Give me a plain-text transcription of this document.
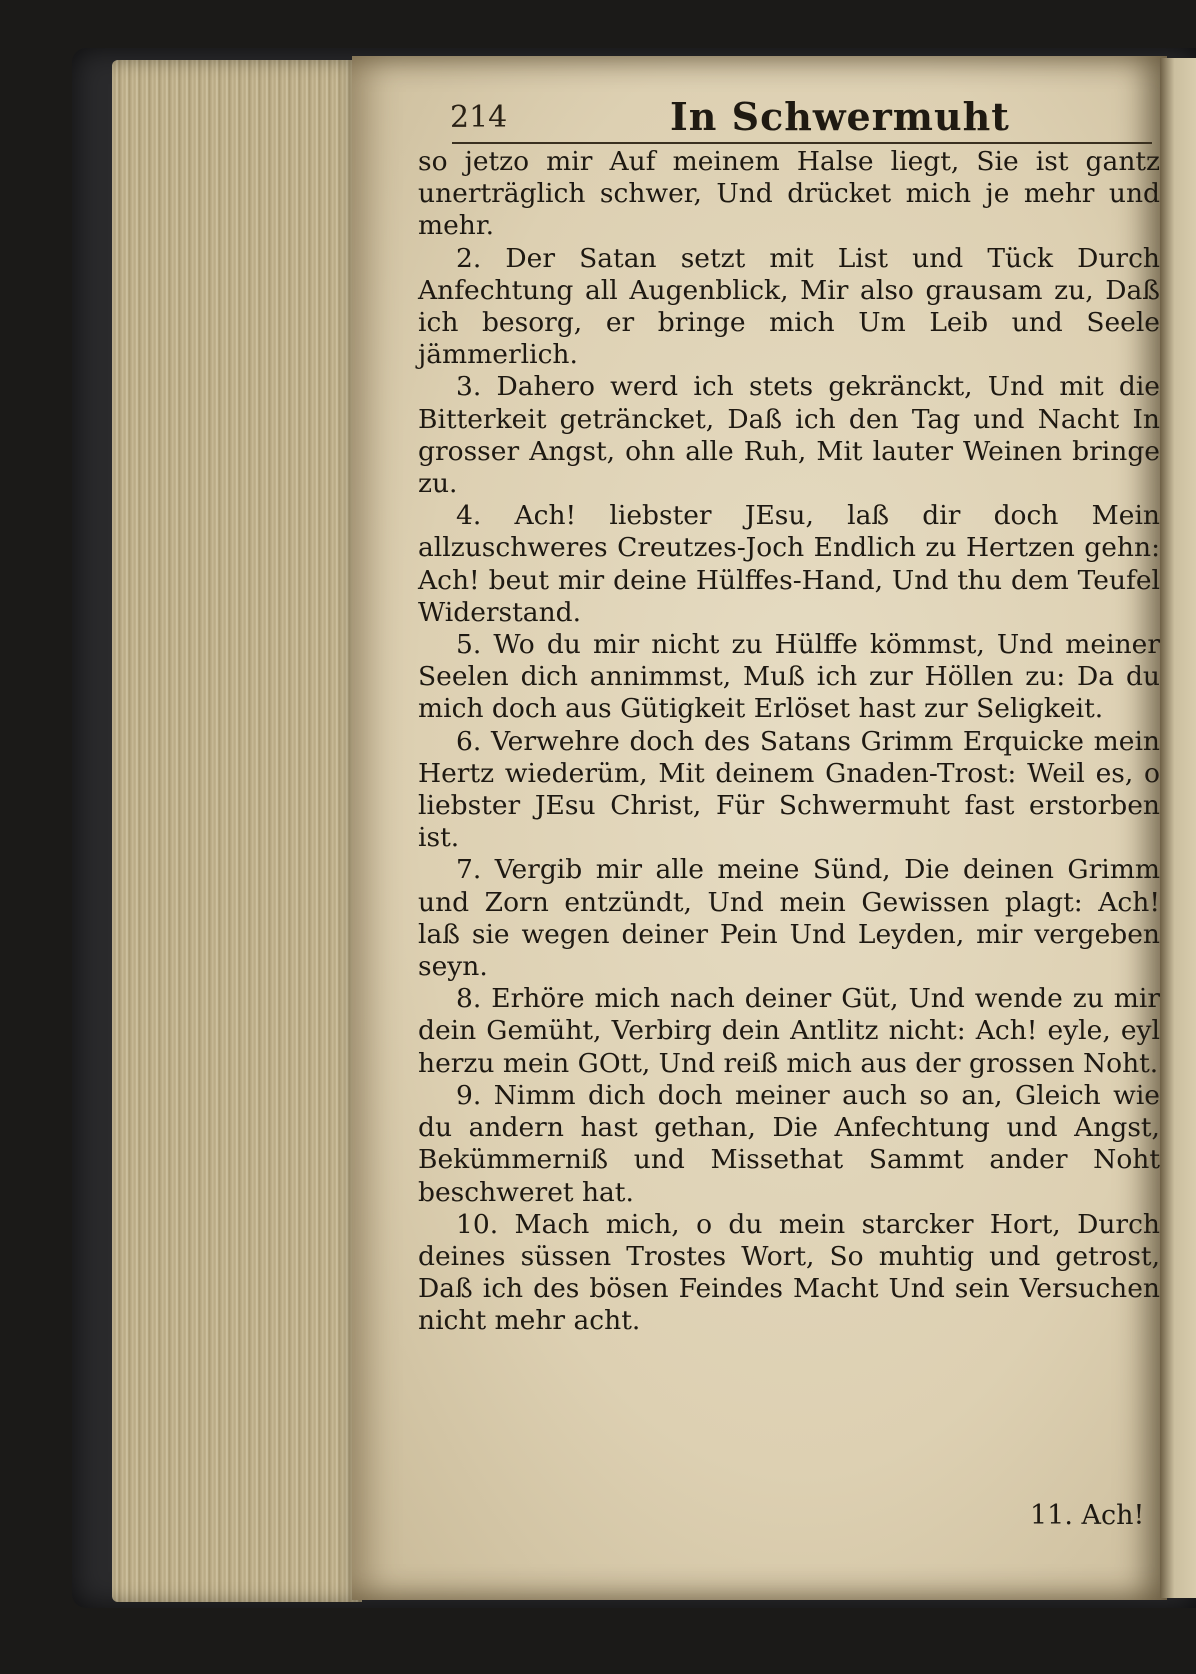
214	In Schwermuht

so jetzo mir Auf meinem Halse liegt, Sie ist gantz unerträglich schwer, Und drücket mich je mehr und mehr.

2. Der Satan setzt mit List und Tück Durch Anfechtung all Augenblick, Mir also grausam zu, Daß ich besorg, er bringe mich Um Leib und Seele jämmerlich.

3. Dahero werd ich stets gekränckt, Und mit die Bitterkeit geträncket, Daß ich den Tag und Nacht In grosser Angst, ohn alle Ruh, Mit lauter Weinen bringe zu.

4. Ach! liebster JEsu, laß dir doch Mein allzuschweres Creutzes-Joch Endlich zu Hertzen gehn: Ach! beut mir deine Hülffes-Hand, Und thu dem Teufel Widerstand.

5. Wo du mir nicht zu Hülffe kömmst, Und meiner Seelen dich annimmst, Muß ich zur Höllen zu: Da du mich doch aus Gütigkeit Erlöset hast zur Seligkeit.

6. Verwehre doch des Satans Grimm Erquicke mein Hertz wiederüm, Mit deinem Gnaden-Trost: Weil es, o liebster JEsu Christ, Für Schwermuht fast erstorben ist.

7. Vergib mir alle meine Sünd, Die deinen Grimm und Zorn entzündt, Und mein Gewissen plagt: Ach! laß sie wegen deiner Pein Und Leyden, mir vergeben seyn.

8. Erhöre mich nach deiner Güt, Und wende zu mir dein Gemüht, Verbirg dein Antlitz nicht: Ach! eyle, eyl herzu mein GOtt, Und reiß mich aus der grossen Noht.

9. Nimm dich doch meiner auch so an, Gleich wie du andern hast gethan, Die Anfechtung und Angst, Bekümmerniß und Missethat Sammt ander Noht beschweret hat.

10. Mach mich, o du mein starcker Hort, Durch deines süssen Trostes Wort, So muhtig und getrost, Daß ich des bösen Feindes Macht Und sein Versuchen nicht mehr acht.

11. Ach!
